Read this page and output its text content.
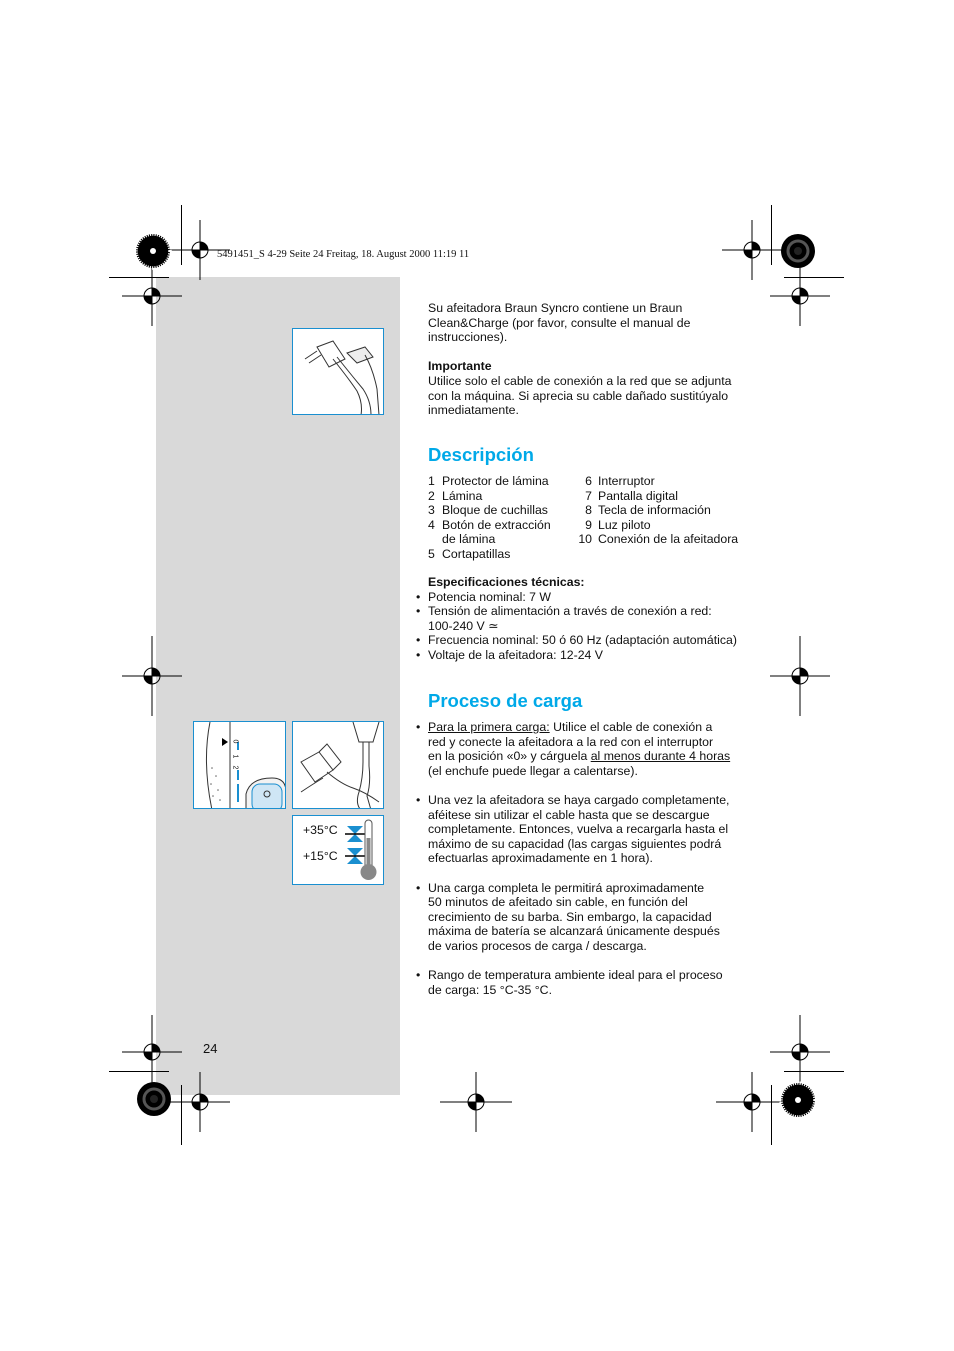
5491451_S 4-29 Seite 24 Freitag, 18. August 2000 11:19 11
0
1
2
+35°C
+15°C
Su afeitadora Braun Syncro contiene un Braun
Clean&Charge (por favor, consulte el manual de
instrucciones).
Importante
Utilice solo el cable de conexión a la red que se adjunta
con la máquina. Si aprecia su cable dañado sustitúyalo
inmediatamente.
Descripción
1 Protector de lámina
2 Lámina
3 Bloque de cuchillas
4 Botón de extracción
de lámina
5 Cortapatillas
6 Interruptor
7 Pantalla digital
8 Tecla de información
9 Luz piloto
10 Conexión de la afeitadora
Especificaciones técnicas:
• Potencia nominal: 7 W
• Tensión de alimentación a través de conexión a red:
100-240 V ≃
• Frecuencia nominal: 50 ó 60 Hz (adaptación automática)
• Voltaje de la afeitadora: 12-24 V
Proceso de carga
• Para la primera carga: Utilice el cable de conexión a
red y conecte la afeitadora a la red con el interruptor
en la posición «0» y cárguela al menos durante 4 horas
(el enchufe puede llegar a calentarse).
• Una vez la afeitadora se haya cargado completamente,
aféitese sin utilizar el cable hasta que se descargue
completamente. Entonces, vuelva a recargarla hasta el
máximo de su capacidad (las cargas siguientes podrá
efectuarlas aproximadamente en 1 hora).
• Una carga completa le permitirá aproximadamente
50 minutos de afeitado sin cable, en función del
crecimiento de su barba. Sin embargo, la capacidad
máxima de batería se alcanzará únicamente después
de varios procesos de carga / descarga.
• Rango de temperatura ambiente ideal para el proceso
de carga: 15 °C-35 °C.
24
